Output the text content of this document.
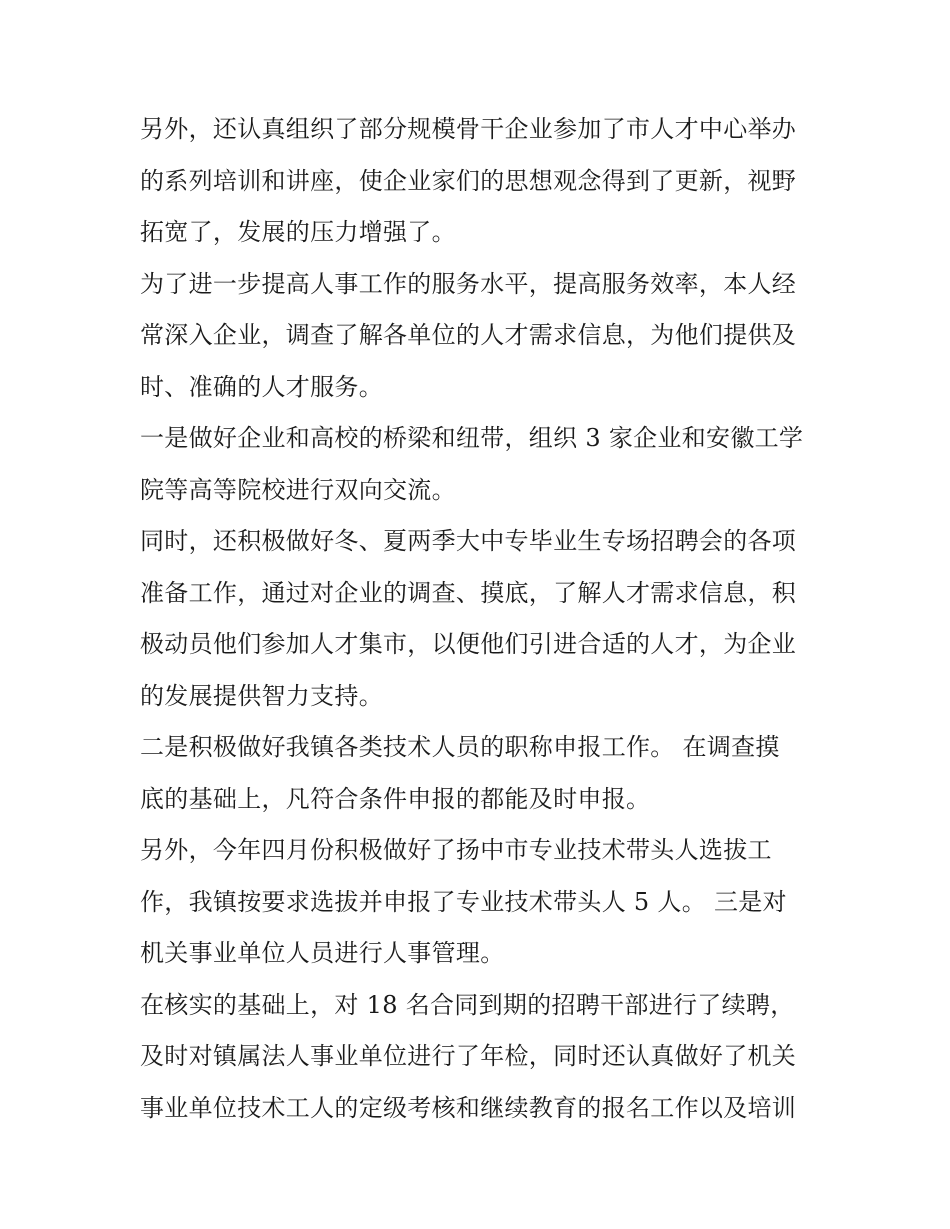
另外，还认真组织了部分规模骨干企业参加了市人才中心举办
的系列培训和讲座，使企业家们的思想观念得到了更新，视野
拓宽了，发展的压力增强了。
为了进一步提高人事工作的服务水平，提高服务效率，本人经
常深入企业，调查了解各单位的人才需求信息，为他们提供及
时、准确的人才服务。
一是做好企业和高校的桥梁和纽带，组织 3 家企业和安徽工学
院等高等院校进行双向交流。
同时，还积极做好冬、夏两季大中专毕业生专场招聘会的各项
准备工作，通过对企业的调查、摸底，了解人才需求信息，积
极动员他们参加人才集市，以便他们引进合适的人才，为企业
的发展提供智力支持。
二是积极做好我镇各类技术人员的职称申报工作。 在调查摸
底的基础上，凡符合条件申报的都能及时申报。
另外，今年四月份积极做好了扬中市专业技术带头人选拔工
作，我镇按要求选拔并申报了专业技术带头人 5 人。 三是对
机关事业单位人员进行人事管理。
在核实的基础上，对 18 名合同到期的招聘干部进行了续聘，
及时对镇属法人事业单位进行了年检，同时还认真做好了机关
事业单位技术工人的定级考核和继续教育的报名工作以及培训
